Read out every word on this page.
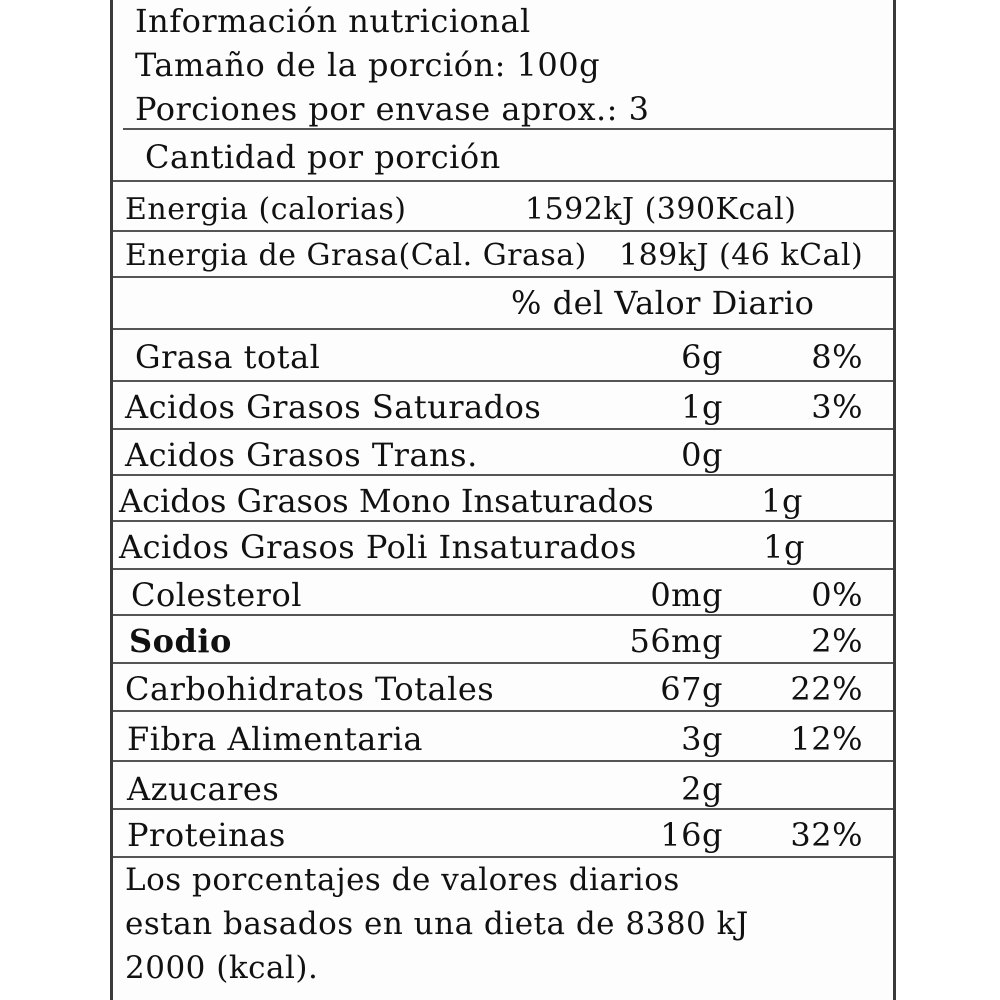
Información nutricional
Tamaño de la porción: 100g
Porciones por envase aprox.: 3
Cantidad por porción
Energia (calorias)	1592kJ (390Kcal)
Energia de Grasa(Cal. Grasa) 189kJ (46 kCal)
% del Valor Diario
Grasa total	6g	8%
Acidos Grasos Saturados	1g	3%
Acidos Grasos Trans.	0g
Acidos Grasos Mono Insaturados	1g
Acidos Grasos Poli Insaturados	1g
Colesterol	0mg	0%
Sodio	56mg	2%
Carbohidratos Totales	67g	22%
Fibra Alimentaria	3g	12%
Azucares	2g
Proteinas	16g	32%
Los porcentajes de valores diarios
estan basados en una dieta de 8380 kJ
2000 (kcal).
